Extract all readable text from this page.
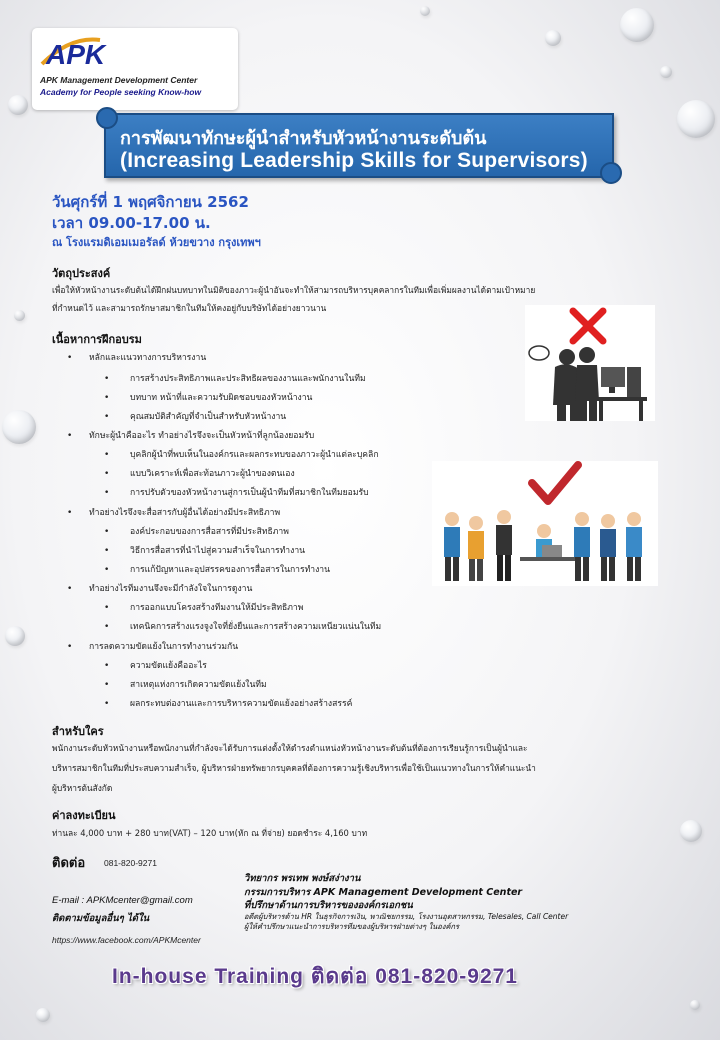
APK
APK Management Development Center
Academy for People seeking Know-how
การพัฒนาทักษะผู้นำสำหรับหัวหน้างานระดับต้น
(Increasing Leadership Skills for Supervisors)
วันศุกร์ที่ 1 พฤศจิกายน 2562
เวลา 09.00-17.00 น.
ณ โรงแรมดิเอมเมอรัลด์ ห้วยขวาง กรุงเทพฯ
วัตถุประสงค์
เพื่อให้หัวหน้างานระดับต้นได้ฝึกฝนบทบาทในมิติของภาวะผู้นำอันจะทำให้สามารถบริหารบุคคลากรในทีมเพื่อเพิ่มผลงานได้ตามเป้าหมาย
ที่กำหนดไว้ และสามารถรักษาสมาชิกในทีมให้คงอยู่กับบริษัทได้อย่างยาวนาน
เนื้อหาการฝึกอบรม
• หลักและแนวทางการบริหารงาน
• การสร้างประสิทธิภาพและประสิทธิผลของงานและพนักงานในทีม
• บทบาท หน้าที่และความรับผิดชอบของหัวหน้างาน
• คุณสมบัติสำคัญที่จำเป็นสำหรับหัวหน้างาน
• ทักษะผู้นำคืออะไร ทำอย่างไรจึงจะเป็นหัวหน้าที่ลูกน้องยอมรับ
• บุคลิกผู้นำที่พบเห็นในองค์กรและผลกระทบของภาวะผู้นำแต่ละบุคลิก
• แบบวิเคราะห์เพื่อสะท้อนภาวะผู้นำของตนเอง
• การปรับตัวของหัวหน้างานสู่การเป็นผู้นำทีมที่สมาชิกในทีมยอมรับ
• ทำอย่างไรจึงจะสื่อสารกับผู้อื่นได้อย่างมีประสิทธิภาพ
• องค์ประกอบของการสื่อสารที่มีประสิทธิภาพ
• วิธีการสื่อสารที่นำไปสู่ความสำเร็จในการทำงาน
• การแก้ปัญหาและอุปสรรคของการสื่อสารในการทำงาน
• ทำอย่างไรทีมงานจึงจะมีกำลังใจในการดูงาน
• การออกแบบโครงสร้างทีมงานให้มีประสิทธิภาพ
• เทคนิคการสร้างแรงจูงใจที่ยั่งยืนและการสร้างความเหนียวแน่นในทีม
• การลดความขัดแย้งในการทำงานร่วมกัน
• ความขัดแย้งคืออะไร
• สาเหตุแห่งการเกิดความขัดแย้งในทีม
• ผลกระทบต่องานและการบริหารความขัดแย้งอย่างสร้างสรรค์
สำหรับใคร
พนักงานระดับหัวหน้างานหรือพนักงานที่กำลังจะได้รับการแต่งตั้งให้ดำรงตำแหน่งหัวหน้างานระดับต้นที่ต้องการเรียนรู้การเป็นผู้นำและ
บริหารสมาชิกในทีมที่ประสบความสำเร็จ, ผู้บริหารฝ่ายทรัพยากรบุคคลที่ต้องการความรู้เชิงบริหารเพื่อใช้เป็นแนวทางในการให้คำแนะนำ
ผู้บริหารต้นสังกัด
ค่าลงทะเบียน
ท่านละ 4,000 บาท + 280 บาท(VAT) – 120 บาท(หัก ณ ที่จ่าย) ยอดชำระ 4,160 บาท
ติดต่อ 081-820-9271
E-mail : APKMcenter@gmail.com
ติดตามข้อมูลอื่นๆ ได้ใน
https://www.facebook.com/APKMcenter
วิทยากร พรเทพ พงษ์สง่างาน
กรรมการบริหาร APK Management Development Center
ที่ปรึกษาด้านการบริหารขององค์กรเอกชน
อดีตผู้บริหารด้าน HR ในธุรกิจการเงิน, พาณิชยกรรม, โรงงานอุตสาหกรรม, Telesales, Call Center
ผู้ให้คำปรึกษาแนะนำการบริหารทีมของผู้บริหารฝ่ายต่างๆ ในองค์กร
In-house Training ติดต่อ 081-820-9271
